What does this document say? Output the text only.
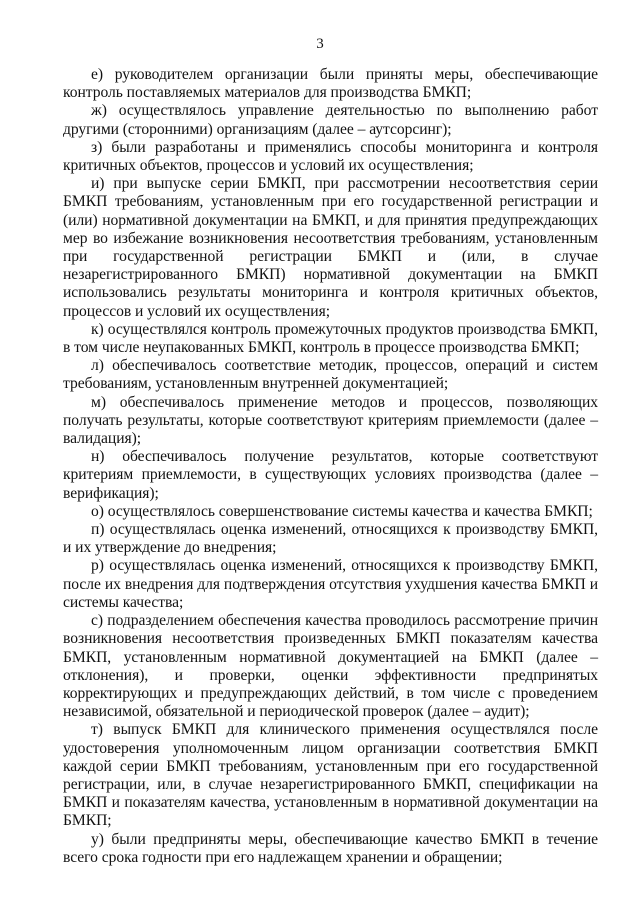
3

е) руководителем организации были приняты меры, обеспечивающие контроль поставляемых материалов для производства БМКП;

ж) осуществлялось управление деятельностью по выполнению работ другими (сторонними) организациям (далее – аутсорсинг);

з) были разработаны и применялись способы мониторинга и контроля критичных объектов, процессов и условий их осуществления;

и) при выпуске серии БМКП, при рассмотрении несоответствия серии БМКП требованиям, установленным при его государственной регистрации и (или) нормативной документации на БМКП, и для принятия предупреждающих мер во избежание возникновения несоответствия требованиям, установленным при государственной регистрации БМКП и (или, в случае незарегистрированного БМКП) нормативной документации на БМКП использовались результаты мониторинга и контроля критичных объектов, процессов и условий их осуществления;

к) осуществлялся контроль промежуточных продуктов производства БМКП, в том числе неупакованных БМКП, контроль в процессе производства БМКП;

л) обеспечивалось соответствие методик, процессов, операций и систем требованиям, установленным внутренней документацией;

м) обеспечивалось применение методов и процессов, позволяющих получать результаты, которые соответствуют критериям приемлемости (далее – валидация);

н) обеспечивалось получение результатов, которые соответствуют критериям приемлемости, в существующих условиях производства (далее – верификация);

о) осуществлялось совершенствование системы качества и качества БМКП;

п) осуществлялась оценка изменений, относящихся к производству БМКП, и их утверждение до внедрения;

р) осуществлялась оценка изменений, относящихся к производству БМКП, после их внедрения для подтверждения отсутствия ухудшения качества БМКП и системы качества;

с) подразделением обеспечения качества проводилось рассмотрение причин возникновения несоответствия произведенных БМКП показателям качества БМКП, установленным нормативной документацией на БМКП (далее – отклонения), и проверки, оценки эффективности предпринятых корректирующих и предупреждающих действий, в том числе с проведением независимой, обязательной и периодической проверок (далее – аудит);

т) выпуск БМКП для клинического применения осуществлялся после удостоверения уполномоченным лицом организации соответствия БМКП каждой серии БМКП требованиям, установленным при его государственной регистрации, или, в случае незарегистрированного БМКП, спецификации на БМКП и показателям качества, установленным в нормативной документации на БМКП;

у) были предприняты меры, обеспечивающие качество БМКП в течение всего срока годности при его надлежащем хранении и обращении;
